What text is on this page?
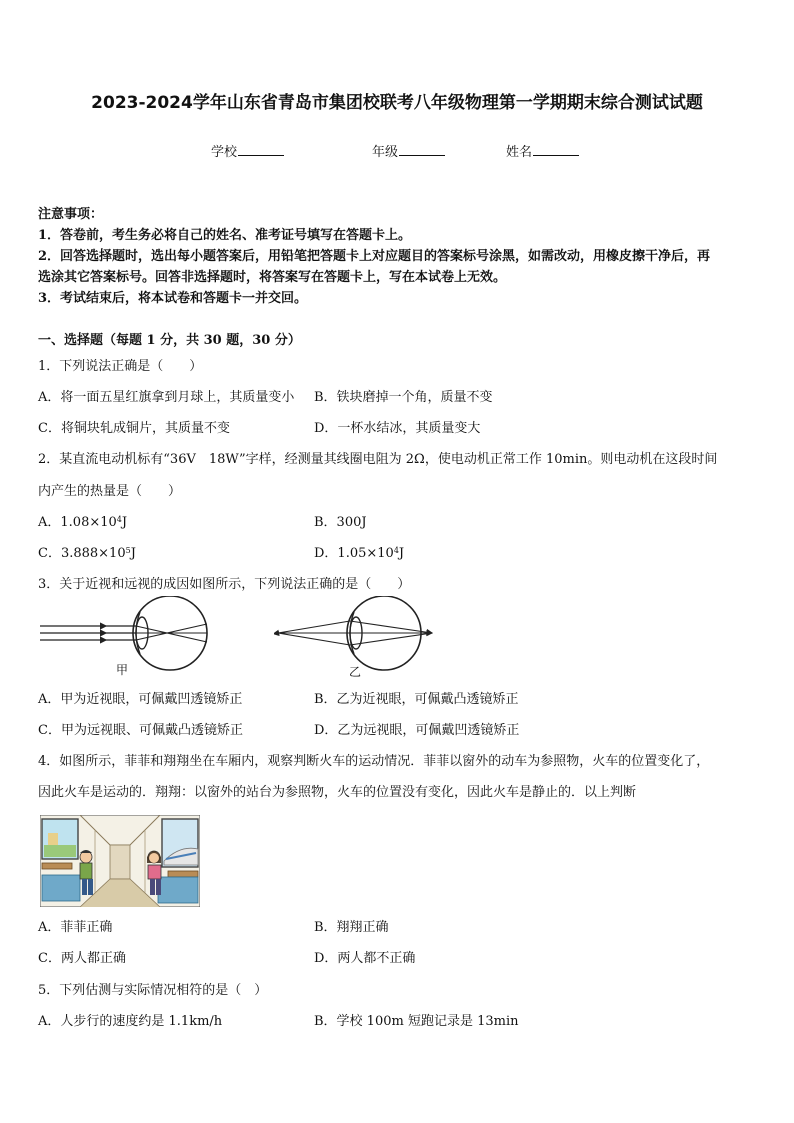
2023-2024学年山东省青岛市集团校联考八年级物理第一学期期末综合测试试题
学校	年级	姓名
注意事项：
1．答卷前，考生务必将自己的姓名、准考证号填写在答题卡上。
2．回答选择题时，选出每小题答案后，用铅笔把答题卡上对应题目的答案标号涂黑，如需改动，用橡皮擦干净后，再
选涂其它答案标号。回答非选择题时，将答案写在答题卡上，写在本试卷上无效。
3．考试结束后，将本试卷和答题卡一并交回。
一、选择题（每题 1 分，共 30 题，30 分）
1．下列说法正确是（　　）
A．将一面五星红旗拿到月球上，其质量变小 B．铁块磨掉一个角，质量不变
C．将铜块轧成铜片，其质量不变	D．一杯水结冰，其质量变大
2．某直流电动机标有“36V　18W”字样，经测量其线圈电阻为 2Ω，使电动机正常工作 10min。则电动机在这段时间
内产生的热量是（　　）
A．$1.08\times 10^4J$	B．300J
C．$3.888\times 10^5J$	D．$1.05\times 10^4J$
3．关于近视和远视的成因如图所示，下列说法正确的是（　　）
甲	乙
A．甲为近视眼，可佩戴凹透镜矫正	B．乙为近视眼，可佩戴凸透镜矫正
C．甲为远视眼、可佩戴凸透镜矫正	D．乙为远视眼，可佩戴凹透镜矫正
4．如图所示，菲菲和翔翔坐在车厢内，观察判断火车的运动情况．菲菲以窗外的动车为参照物，火车的位置变化了，
因此火车是运动的．翔翔：以窗外的站台为参照物，火车的位置没有变化，因此火车是静止的．以上判断
A．菲菲正确	B．翔翔正确
C．两人都正确	D．两人都不正确
5．下列估测与实际情况相符的是（　）
A．人步行的速度约是 1.1km/h	B．学校 100m 短跑记录是 13min
